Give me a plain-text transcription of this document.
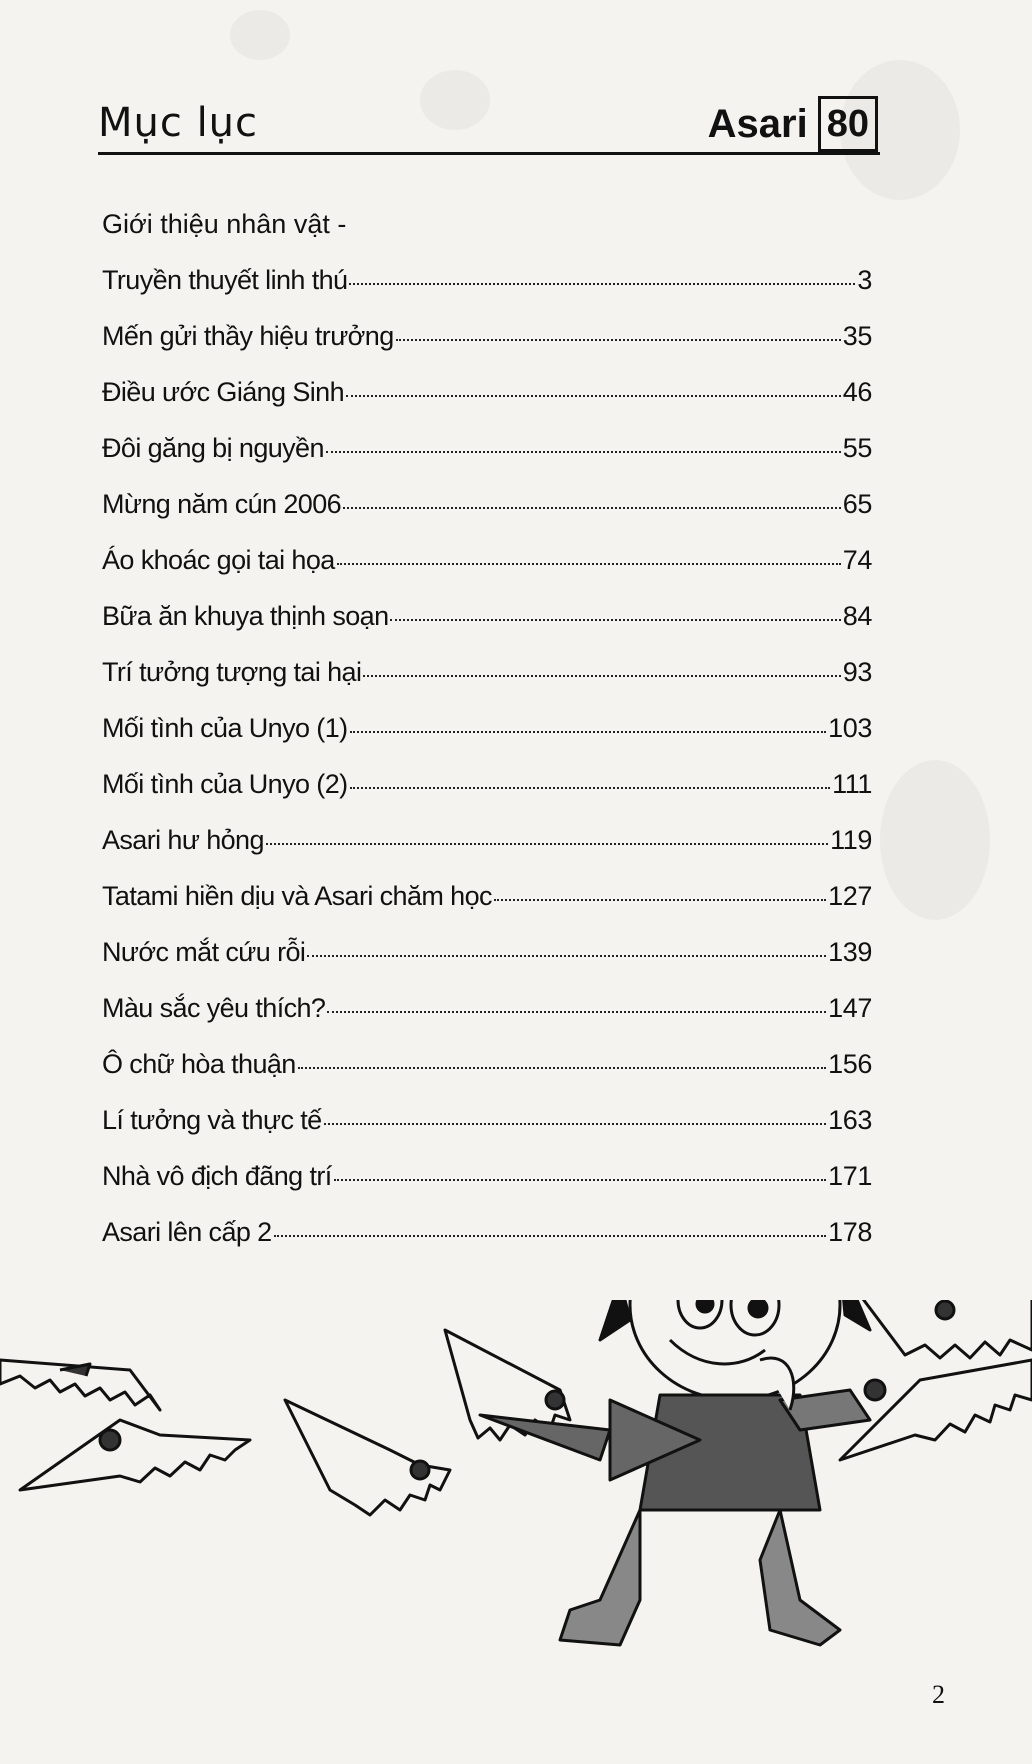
Mục lục	Asari 80
Giới thiệu nhân vật -
Truyền thuyết linh thú	3
Mến gửi thầy hiệu trưởng	35
Điều ước Giáng Sinh	46
Đôi găng bị nguyền	55
Mừng năm cún 2006	65
Áo khoác gọi tai họa	74
Bữa ăn khuya thịnh soạn	84
Trí tưởng tượng tai hại	93
Mối tình của Unyo (1)	103
Mối tình của Unyo (2)	111
Asari hư hỏng	119
Tatami hiền dịu và Asari chăm học	127
Nước mắt cứu rỗi	139
Màu sắc yêu thích?	147
Ô chữ hòa thuận	156
Lí tưởng và thực tế	163
Nhà vô địch đãng trí	171
Asari lên cấp 2	178
2
